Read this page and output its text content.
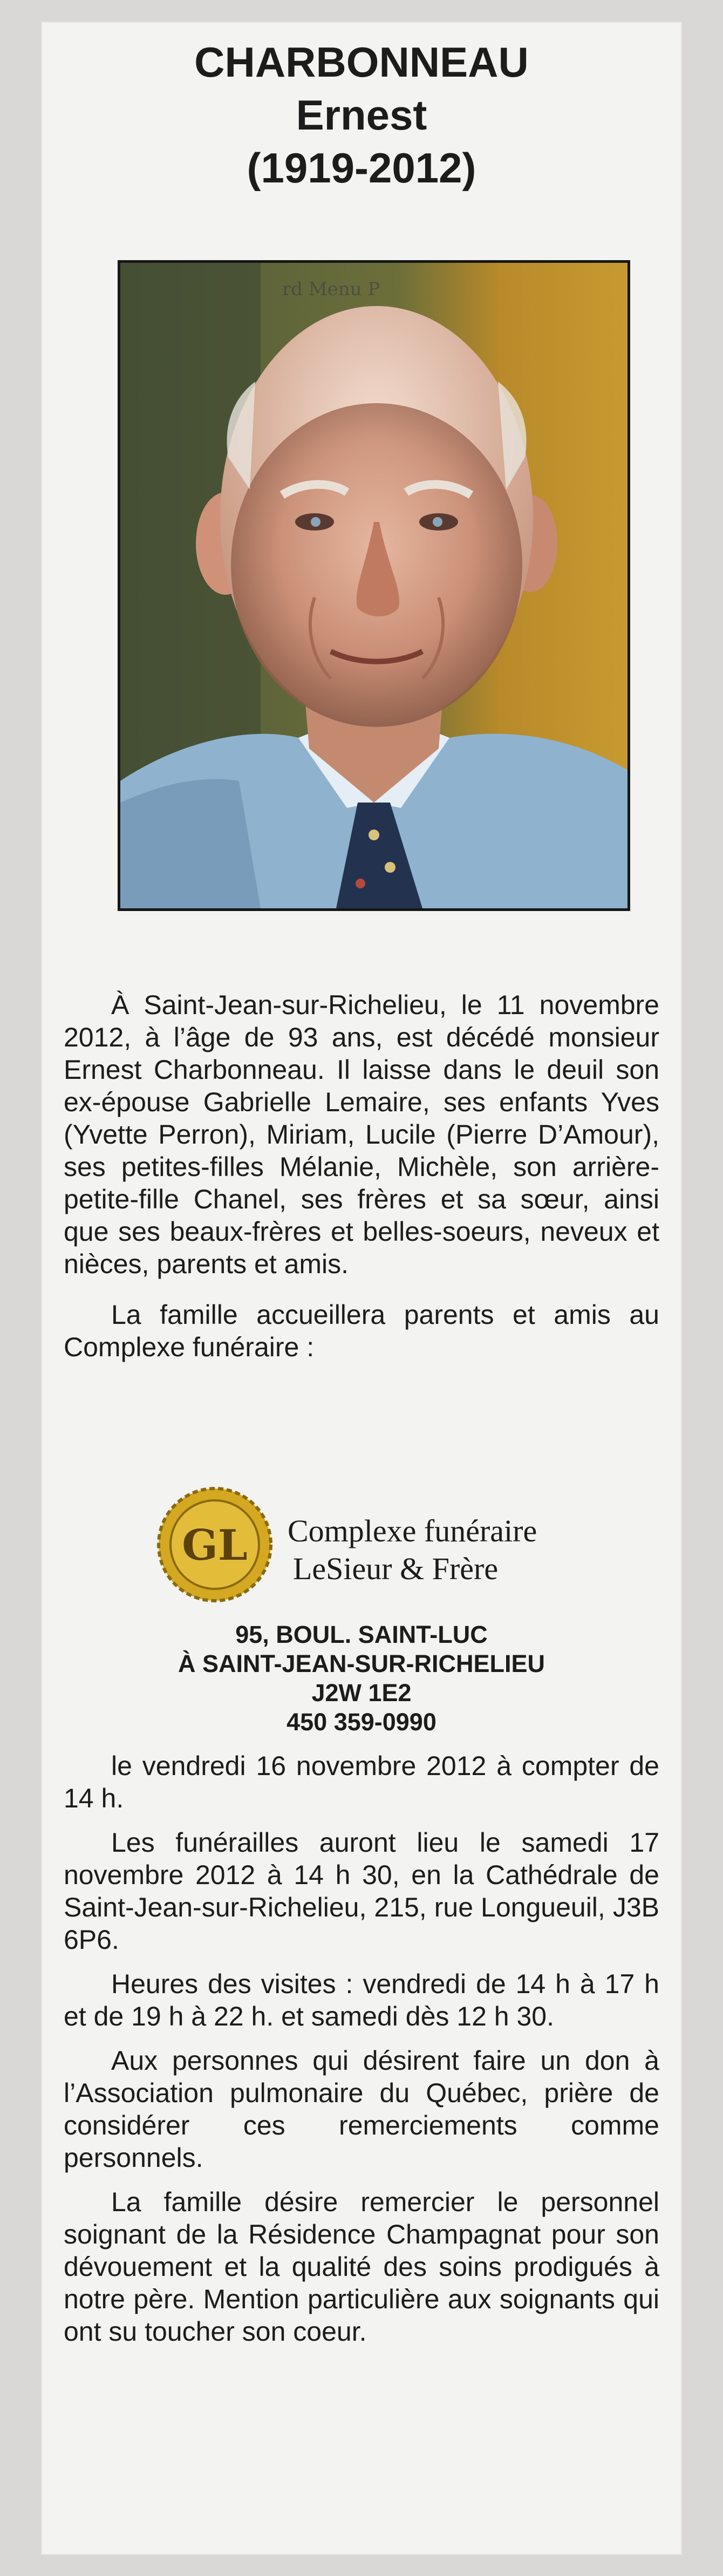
CHARBONNEAU
Ernest
(1919-2012)
rd Menu P
À Saint-Jean-sur-Richelieu, le 11 novembre 2012, à l’âge de 93 ans, est décédé monsieur Ernest Charbonneau. Il laisse dans le deuil son ex-épouse Gabrielle Lemaire, ses enfants Yves (Yvette Perron), Miriam, Lucile (Pierre D’Amour), ses petites-filles Mélanie, Michèle, son arrière-petite-fille Chanel, ses frères et sa sœur, ainsi que ses beaux-frères et belles-soeurs, neveux et nièces, parents et amis.
La famille accueillera parents et amis au Complexe funéraire :
GL Complexe funéraire
LeSieur & Frère
95, BOUL. SAINT-LUC
À SAINT-JEAN-SUR-RICHELIEU
J2W 1E2
450 359-0990
le vendredi 16 novembre 2012 à compter de 14 h.
Les funérailles auront lieu le samedi 17 novembre 2012 à 14 h 30, en la Cathédrale de Saint-Jean-sur-Richelieu, 215, rue Longueuil, J3B 6P6.
Heures des visites : vendredi de 14 h à 17 h et de 19 h à 22 h. et samedi dès 12 h 30.
Aux personnes qui désirent faire un don à l’Association pulmonaire du Québec, prière de considérer ces remerciements comme personnels.
La famille désire remercier le personnel soignant de la Résidence Champagnat pour son dévouement et la qualité des soins prodigués à notre père. Mention particulière aux soignants qui ont su toucher son coeur.
